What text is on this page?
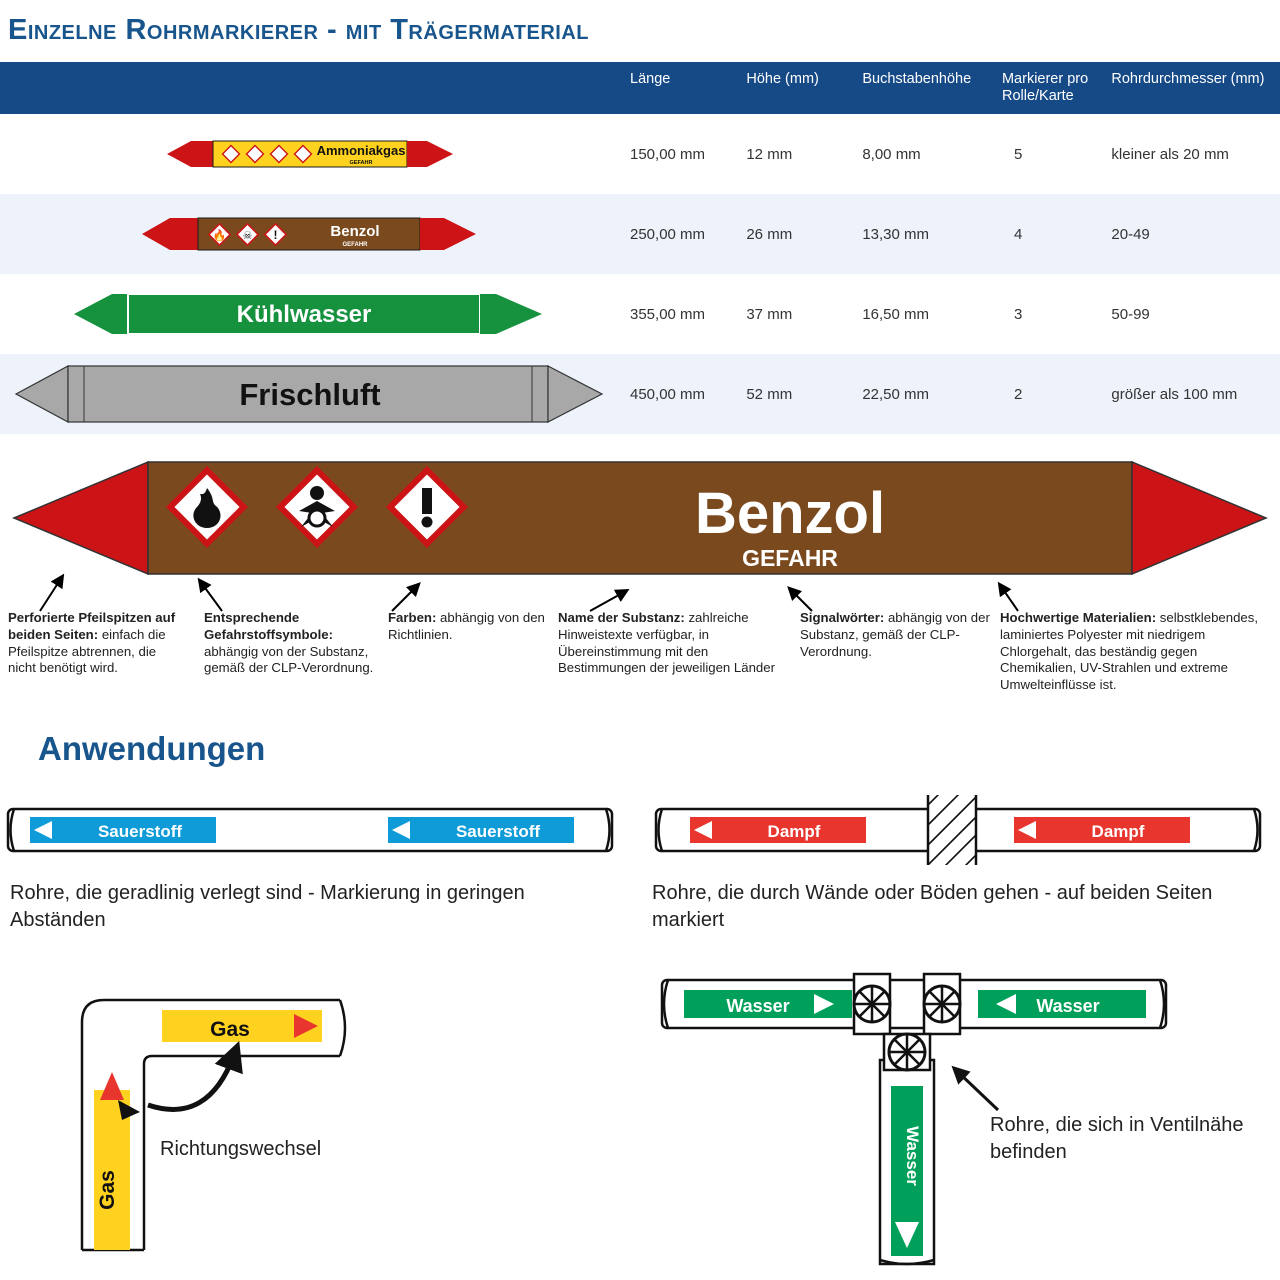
Einzelne Rohrmarkierer - mit Trägermaterial
	Länge	Höhe (mm)	Buchstabenhöhe	Markierer pro Rolle/Karte	Rohrdurchmesser (mm)

Ammoniakgas
GEFAHR	150,00 mm	12 mm	8,00 mm	5	kleiner als 20 mm

🔥 ☠ ! Benzol
GEFAHR	250,00 mm	26 mm	13,30 mm	4	20-49

Kühlwasser	355,00 mm	37 mm	16,50 mm	3	50-99

Frischluft	450,00 mm	52 mm	22,50 mm	2	größer als 100 mm
Benzol
GEFAHR
Perforierte Pfeilspitzen auf beiden Seiten: einfach die Pfeilspitze abtrennen, die nicht benötigt wird.
Entsprechende Gefahrstoffsymbole: abhängig von der Substanz, gemäß der CLP-Verordnung.
Farben: abhängig von den Richtlinien.
Name der Substanz: zahlreiche Hinweistexte verfügbar, in Übereinstimmung mit den Bestimmungen der jeweiligen Länder
Signalwörter: abhängig von der Substanz, gemäß der CLP-Verordnung.
Hochwertige Materialien: selbstklebendes, laminiertes Polyester mit niedrigem Chlorgehalt, das beständig gegen Chemikalien, UV-Strahlen und extreme Umwelteinflüsse ist.
Anwendungen
Sauerstoff	Sauerstoff
Rohre, die geradlinig verlegt sind - Markierung in geringen Abständen
Dampf	Dampf
Rohre, die durch Wände oder Böden gehen - auf beiden Seiten markiert
Gas
Gas
Richtungswechsel
Wasser	Wasser
Wasser
Rohre, die sich in Ventilnähe befinden
